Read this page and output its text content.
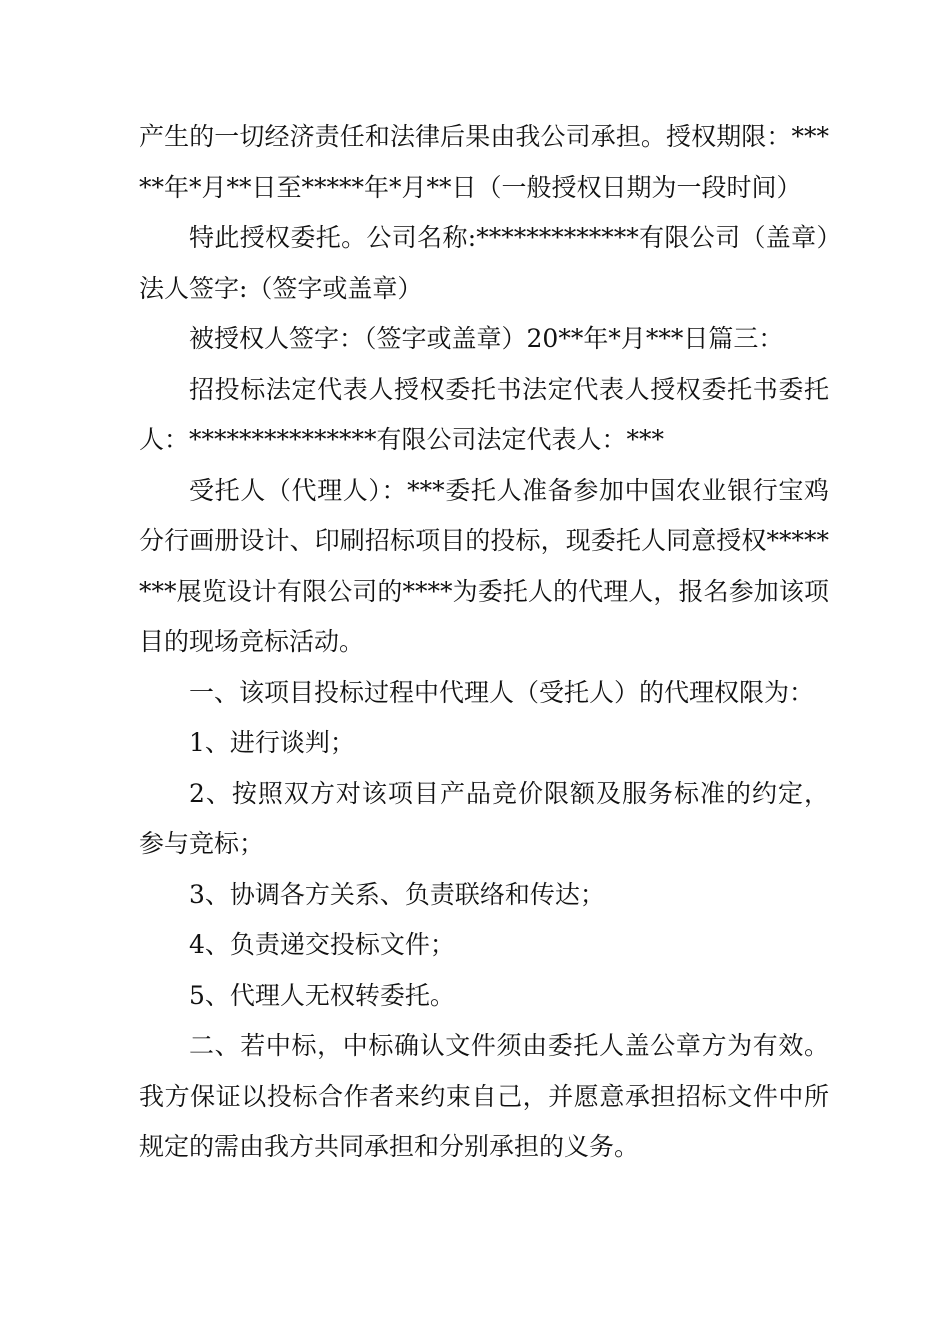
产生的一切经济责任和法律后果由我公司承担。授权期限：*****年*月**日至*****年*月**日（一般授权日期为一段时间）

特此授权委托。公司名称:*************有限公司（盖章）法人签字:（签字或盖章）

被授权人签字：（签字或盖章）20**年*月***日篇三：

招投标法定代表人授权委托书法定代表人授权委托书委托人：***************有限公司法定代表人：***

受托人（代理人）：***委托人准备参加中国农业银行宝鸡分行画册设计、印刷招标项目的投标，现委托人同意授权********展览设计有限公司的****为委托人的代理人，报名参加该项目的现场竞标活动。

一、该项目投标过程中代理人（受托人）的代理权限为：

1、进行谈判；

2、按照双方对该项目产品竞价限额及服务标准的约定，参与竞标；

3、协调各方关系、负责联络和传达；

4、负责递交投标文件；

5、代理人无权转委托。

二、若中标，中标确认文件须由委托人盖公章方为有效。我方保证以投标合作者来约束自己，并愿意承担招标文件中所规定的需由我方共同承担和分别承担的义务。
